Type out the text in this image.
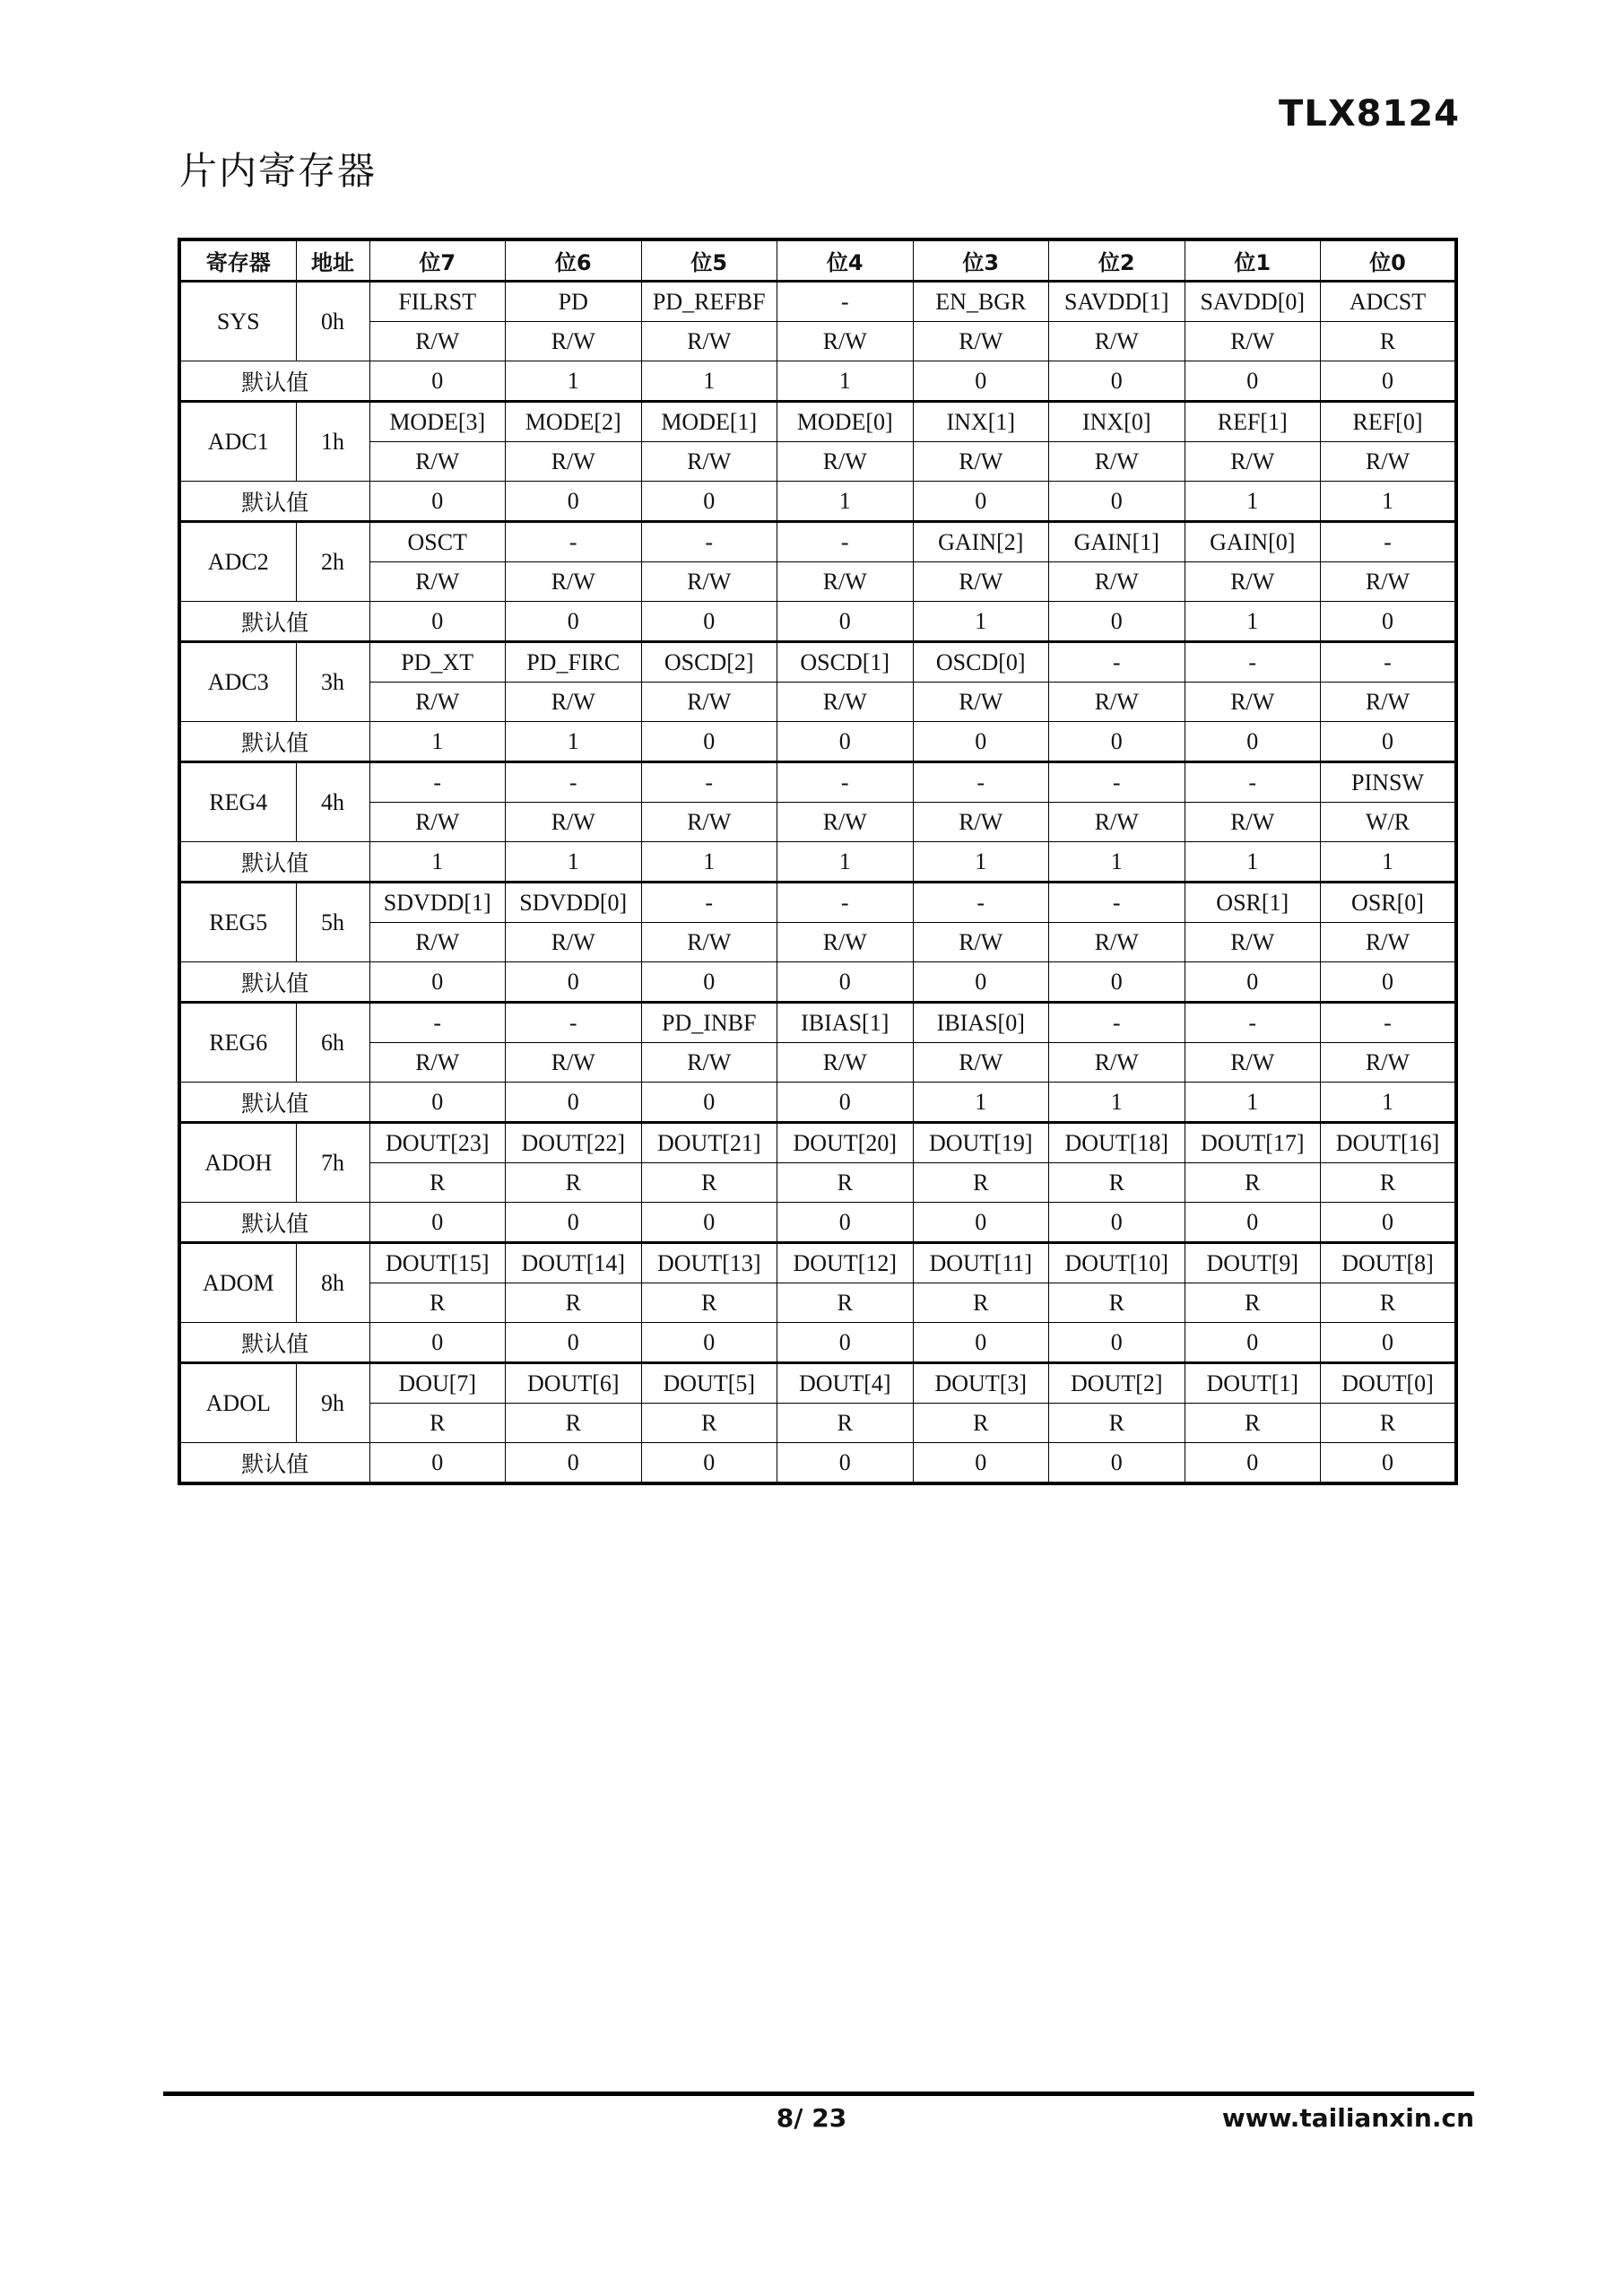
TLX8124
片内寄存器
寄存器	地址	位7	位6	位5	位4	位3	位2	位1	位0
SYS	0h	FILRST	PD	PD_REFBF	-	EN_BGR	SAVDD[1]	SAVDD[0]	ADCST
		R/W	R/W	R/W	R/W	R/W	R/W	R/W	R
默认值		0	1	1	1	0	0	0	0
ADC1	1h	MODE[3]	MODE[2]	MODE[1]	MODE[0]	INX[1]	INX[0]	REF[1]	REF[0]
		R/W	R/W	R/W	R/W	R/W	R/W	R/W	R/W
默认值		0	0	0	1	0	0	1	1
ADC2	2h	OSCT	-	-	-	GAIN[2]	GAIN[1]	GAIN[0]	-
		R/W	R/W	R/W	R/W	R/W	R/W	R/W	R/W
默认值		0	0	0	0	1	0	1	0
ADC3	3h	PD_XT	PD_FIRC	OSCD[2]	OSCD[1]	OSCD[0]	-	-	-
		R/W	R/W	R/W	R/W	R/W	R/W	R/W	R/W
默认值		1	1	0	0	0	0	0	0
REG4	4h	-	-	-	-	-	-	-	PINSW
		R/W	R/W	R/W	R/W	R/W	R/W	R/W	W/R
默认值		1	1	1	1	1	1	1	1
REG5	5h	SDVDD[1]	SDVDD[0]	-	-	-	-	OSR[1]	OSR[0]
		R/W	R/W	R/W	R/W	R/W	R/W	R/W	R/W
默认值		0	0	0	0	0	0	0	0
REG6	6h	-	-	PD_INBF	IBIAS[1]	IBIAS[0]	-	-	-
		R/W	R/W	R/W	R/W	R/W	R/W	R/W	R/W
默认值		0	0	0	0	1	1	1	1
ADOH	7h	DOUT[23]	DOUT[22]	DOUT[21]	DOUT[20]	DOUT[19]	DOUT[18]	DOUT[17]	DOUT[16]
		R	R	R	R	R	R	R	R
默认值		0	0	0	0	0	0	0	0
ADOM	8h	DOUT[15]	DOUT[14]	DOUT[13]	DOUT[12]	DOUT[11]	DOUT[10]	DOUT[9]	DOUT[8]
		R	R	R	R	R	R	R	R
默认值		0	0	0	0	0	0	0	0
ADOL	9h	DOU[7]	DOUT[6]	DOUT[5]	DOUT[4]	DOUT[3]	DOUT[2]	DOUT[1]	DOUT[0]
		R	R	R	R	R	R	R	R
默认值		0	0	0	0	0	0	0	0
8/ 23	www.tailianxin.cn
